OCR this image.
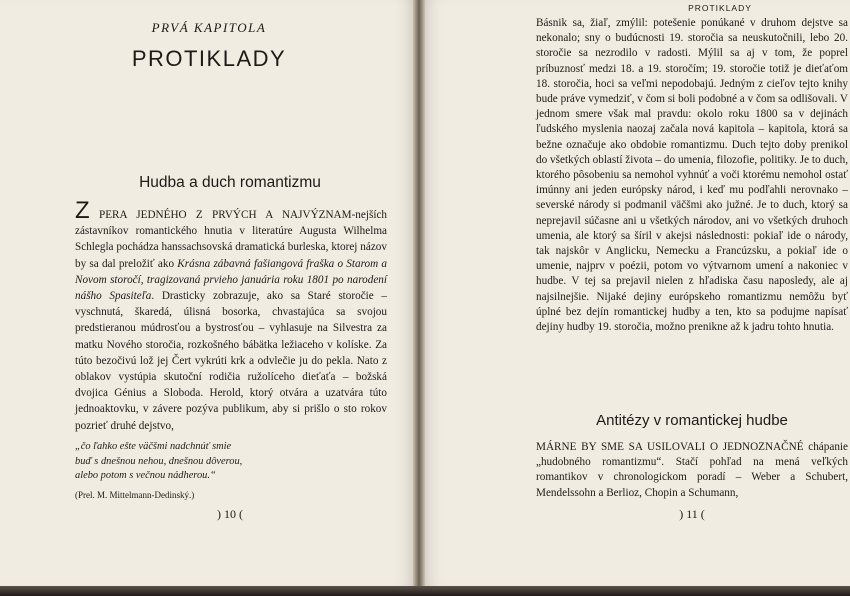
PRVÁ KAPITOLA
PROTIKLADY
Hudba a duch romantizmu

Z PERA JEDNÉHO Z PRVÝCH A NAJVÝZNAM-nejších zástavníkov romantického hnutia v literatúre Augusta Wilhelma Schlegla pochádza hanssachsovská dramatická burleska, ktorej názov by sa dal preložiť ako Krásna zábavná fašiangová fraška o Starom a Novom storočí, tragizovaná prvieho januária roku 1801 po narodení nášho Spasiteľa. Drasticky zobrazuje, ako sa Staré storočie – vyschnutá, škaredá, úlisná bosorka, chvastajúca sa svojou predstieranou múdrosťou a bystrosťou – vyhlasuje na Silvestra za matku Nového storočia, rozkošného bábätka ležiaceho v kolíske. Za túto bezočivú lož jej Čert vykrúti krk a odvlečie ju do pekla. Nato z oblakov vystúpia skutoční rodičia ružolíceho dieťaťa – božská dvojica Génius a Sloboda. Herold, ktorý otvára a uzatvára túto jednoaktovku, v závere pozýva publikum, aby si prišlo o sto rokov pozrieť druhé dejstvo,

„čo ľahko ešte väčšmi nadchnúť smie
buď s dnešnou nehou, dnešnou dôverou,
alebo potom s večnou nádherou.“
(Prel. M. Mittelmann-Dedinský.)
) 10 (
PROTIKLADY

Básnik sa, žiaľ, zmýlil: potešenie ponúkané v druhom dejstve sa nekonalo; sny o budúcnosti 19. storočia sa neuskutočnili, lebo 20. storočie sa nezrodilo v radosti. Mýlil sa aj v tom, že poprel príbuznosť medzi 18. a 19. storočím; 19. storočie totiž je dieťaťom 18. storočia, hoci sa veľmi nepodobajú. Jedným z cieľov tejto knihy bude práve vymedziť, v čom si boli podobné a v čom sa odlišovali. V jednom smere však mal pravdu: okolo roku 1800 sa v dejinách ľudského myslenia naozaj začala nová kapitola – kapitola, ktorá sa bežne označuje ako obdobie romantizmu. Duch tejto doby prenikol do všetkých oblastí života – do umenia, filozofie, politiky. Je to duch, ktorého pôsobeniu sa nemohol vyhnúť a voči ktorému nemohol ostať imúnny ani jeden európsky národ, i keď mu podľahli nerovnako – severské národy si podmanil väčšmi ako južné. Je to duch, ktorý sa neprejavil súčasne ani u všetkých národov, ani vo všetkých druhoch umenia, ale ktorý sa šíril v akejsi následnosti: pokiaľ ide o národy, tak najskôr v Anglicku, Nemecku a Francúzsku, a pokiaľ ide o umenie, najprv v poézii, potom vo výtvarnom umení a nakoniec v hudbe. V tej sa prejavil nielen z hľadiska času naposledy, ale aj najsilnejšie. Nijaké dejiny európskeho romantizmu nemôžu byť úplné bez dejín romantickej hudby a ten, kto sa podujme napísať dejiny hudby 19. storočia, možno preniknе až k jadru tohto hnutia.

Antitézy v romantickej hudbe

MÁRNE BY SME SA USILOVALI O JEDNOZNAČNÉ chápanie „hudobného romantizmu“. Stačí pohľad na mená veľkých romantikov v chronologickom poradí – Weber a Schubert, Mendelssohn a Berlioz, Chopin a Schumann,

) 11 (
